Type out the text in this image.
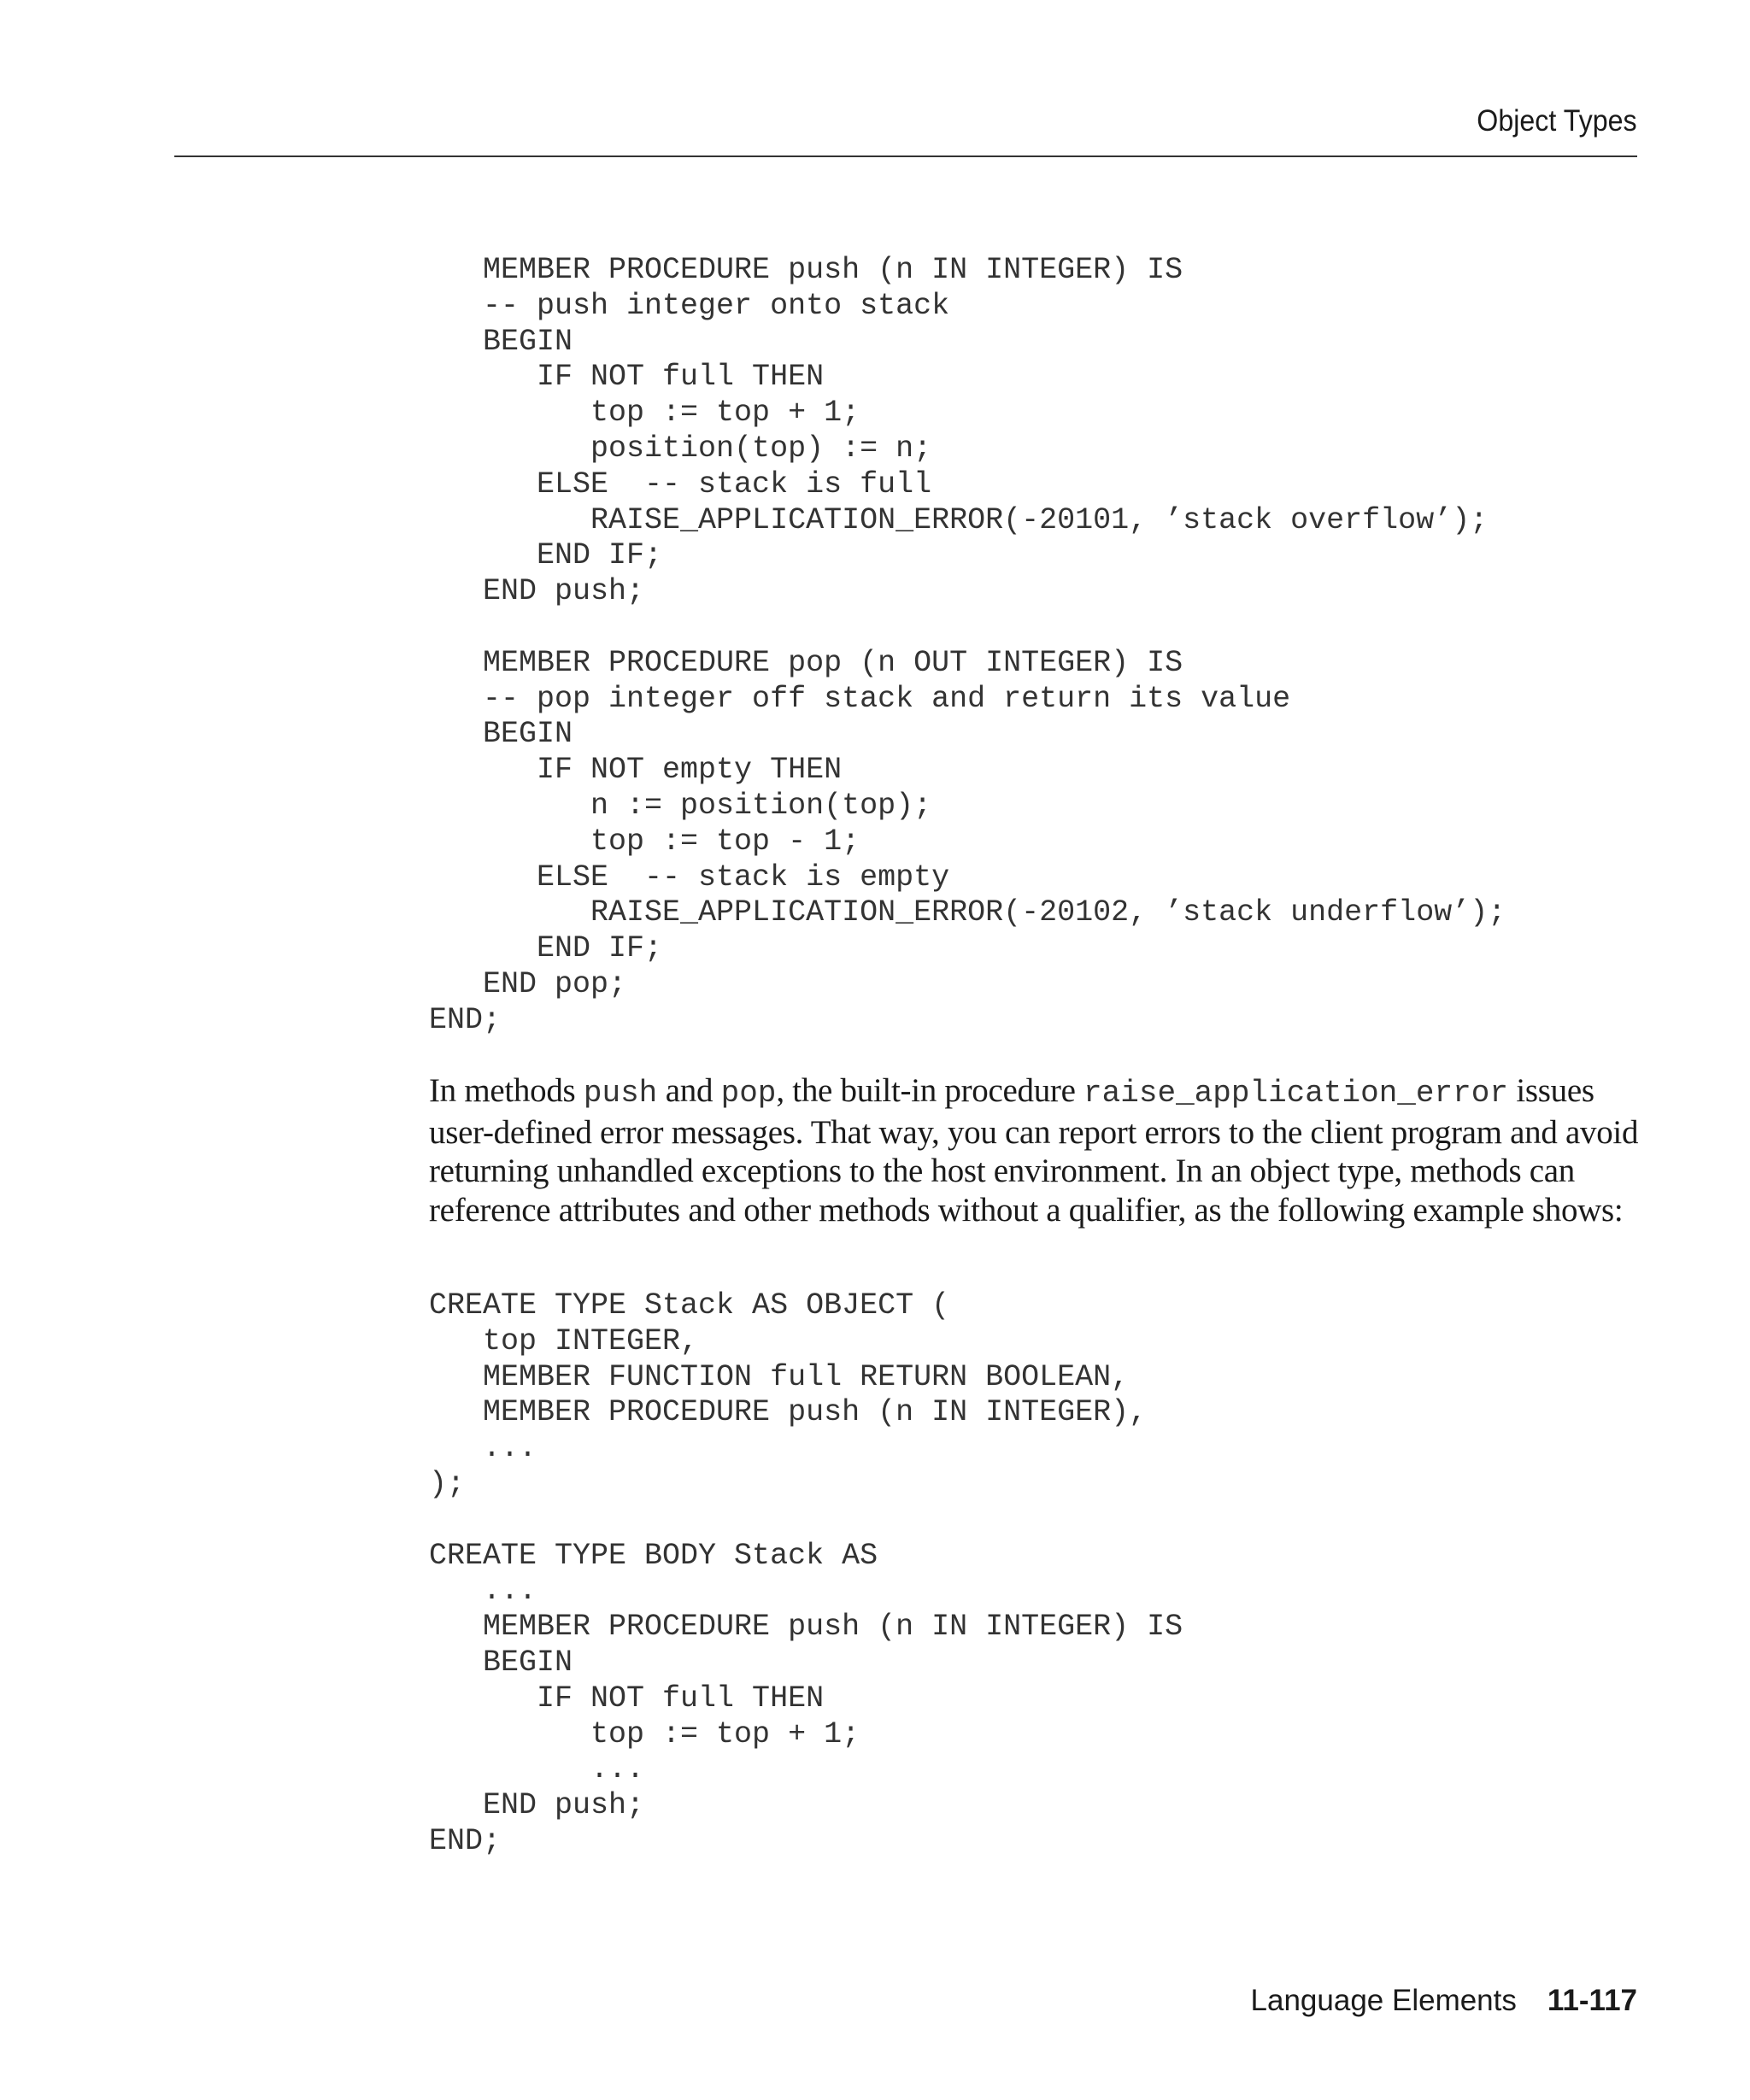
Object Types
MEMBER PROCEDURE push (n IN INTEGER) IS
-- push integer onto stack
BEGIN
IF NOT full THEN
top := top + 1;
position(top) := n;
ELSE  -- stack is full
RAISE_APPLICATION_ERROR(-20101, ’stack overflow’);
END IF;
END push;

MEMBER PROCEDURE pop (n OUT INTEGER) IS
-- pop integer off stack and return its value
BEGIN
IF NOT empty THEN
n := position(top);
top := top - 1;
ELSE  -- stack is empty
RAISE_APPLICATION_ERROR(-20102, ’stack underflow’);
END IF;
END pop;
END;

In methods push and pop, the built-in procedure raise_application_error issues user-defined error messages. That way, you can report errors to the client program and avoid returning unhandled exceptions to the host environment. In an object type, methods can reference attributes and other methods without a qualifier, as the following example shows:

CREATE TYPE Stack AS OBJECT (
top INTEGER,
MEMBER FUNCTION full RETURN BOOLEAN,
MEMBER PROCEDURE push (n IN INTEGER),
...
);

CREATE TYPE BODY Stack AS
...
MEMBER PROCEDURE push (n IN INTEGER) IS
BEGIN
IF NOT full THEN
top := top + 1;
...
END push;
END;
Language Elements 11-117
